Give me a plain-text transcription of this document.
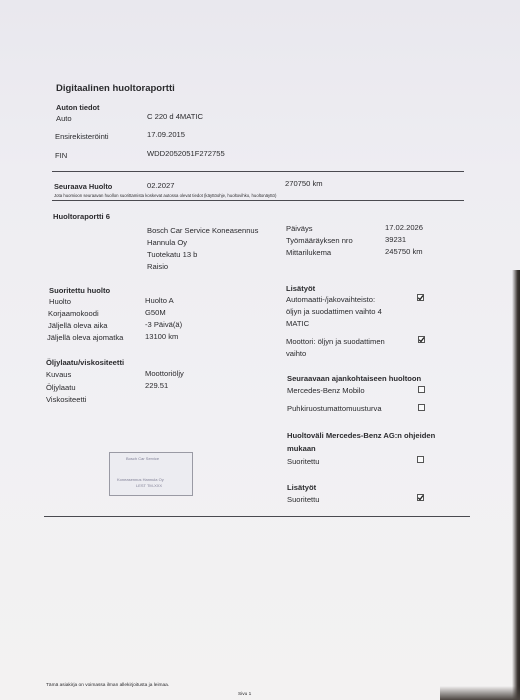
Digitaalinen huoltoraportti
Auton tiedot
Auto	C 220 d 4MATIC
Ensirekisteröinti	17.09.2015
FIN	WDD2052051F272755
Seuraava Huolto	02.2027	270750 km
Jota huomioon seuraavan huollon suorittamista koskevat autossa olevat tiedot (käyttöohje, huoltovihko, huoltonäyttö)
Huoltoraportti 6
Bosch Car Service Koneasennus
Hannula Oy
Tuotekatu 13 b
Raisio
Päiväys	17.02.2026
Työmääräyksen nro	39231
Mittarilukema	245750 km
Suoritettu huolto
Huolto	Huolto A
Korjaamokoodi	G50M
Jäljellä oleva aika	-3 Päivä(ä)
Jäljellä oleva ajomatka	13100 km
Lisätyöt
Automaatti-/jakovaihteisto:
öljyn ja suodattimen vaihto 4
MATIC
Moottori: öljyn ja suodattimen
vaihto
Öljylaatu/viskositeetti
Kuvaus	Moottoriöljy
Öljylaatu	229.51
Viskositeetti
Seuraavaan ajankohtaiseen huoltoon
Mercedes-Benz Mobilo
Puhkiruostumattomuusturva
Huoltoväli Mercedes-Benz AG:n ohjeiden
mukaan
Suoritettu
Bosch Car Service
Koneasennus Hannula Oy
LEST TM-XXX	Lisätyöt
Suoritettu
Tämä asiakirja on voimassa ilman allekirjoitusta ja leimaa.
Sivu 1
